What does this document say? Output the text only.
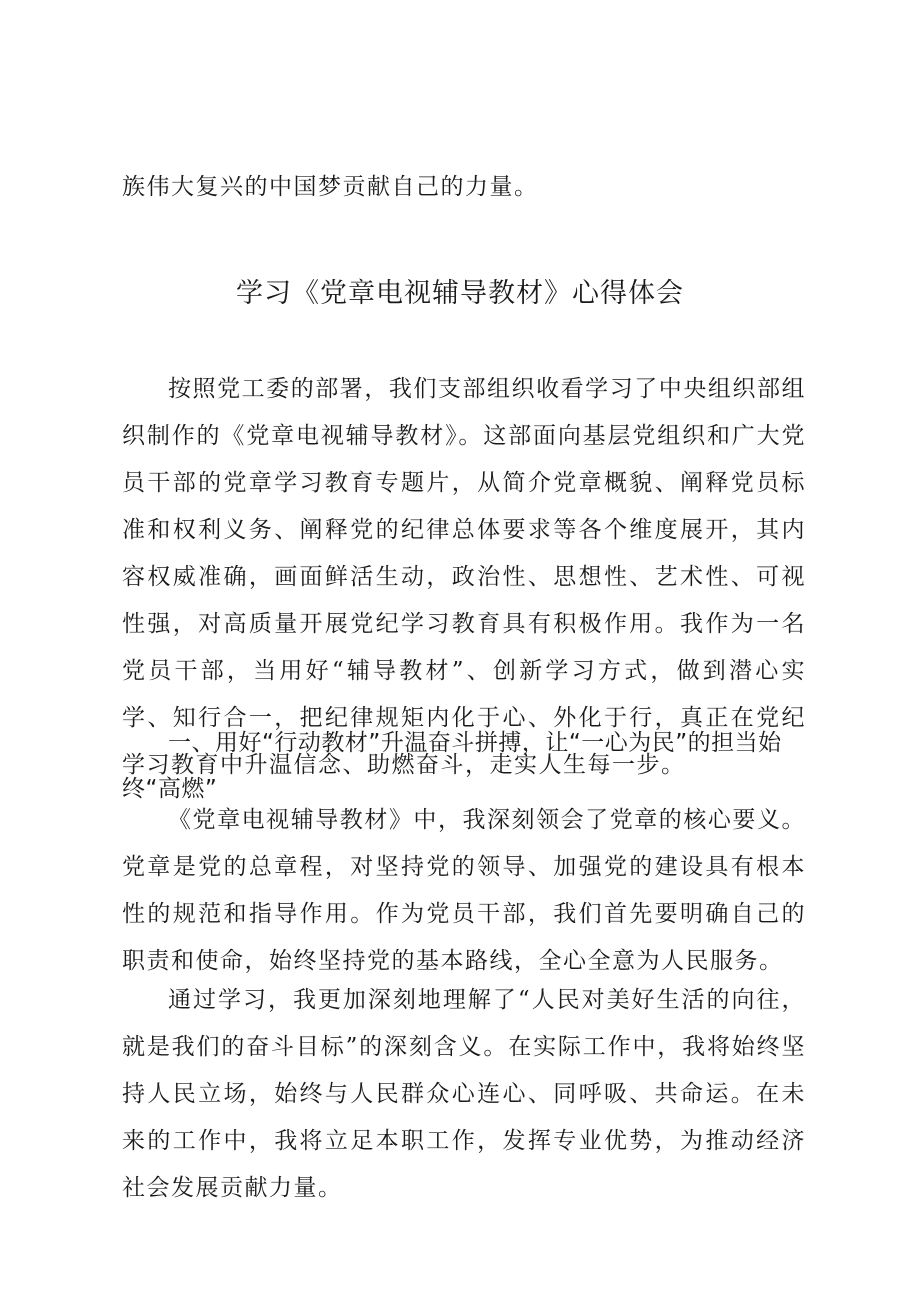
族伟大复兴的中国梦贡献自己的力量。

学习《党章电视辅导教材》心得体会

按照党工委的部署，我们支部组织收看学习了中央组织部组织制作的《党章电视辅导教材》。这部面向基层党组织和广大党员干部的党章学习教育专题片，从简介党章概貌、阐释党员标准和权利义务、阐释党的纪律总体要求等各个维度展开，其内容权威准确，画面鲜活生动，政治性、思想性、艺术性、可视性强，对高质量开展党纪学习教育具有积极作用。我作为一名党员干部，当用好“辅导教材”、创新学习方式，做到潜心实学、知行合一，把纪律规矩内化于心、外化于行，真正在党纪学习教育中升温信念、助燃奋斗，走实人生每一步。

一、用好“行动教材”升温奋斗拼搏，让“一心为民”的担当始终“高燃”

《党章电视辅导教材》中，我深刻领会了党章的核心要义。党章是党的总章程，对坚持党的领导、加强党的建设具有根本性的规范和指导作用。作为党员干部，我们首先要明确自己的职责和使命，始终坚持党的基本路线，全心全意为人民服务。

通过学习，我更加深刻地理解了“人民对美好生活的向往，就是我们的奋斗目标”的深刻含义。在实际工作中，我将始终坚持人民立场，始终与人民群众心连心、同呼吸、共命运。在未来的工作中，我将立足本职工作，发挥专业优势，为推动经济社会发展贡献力量。
